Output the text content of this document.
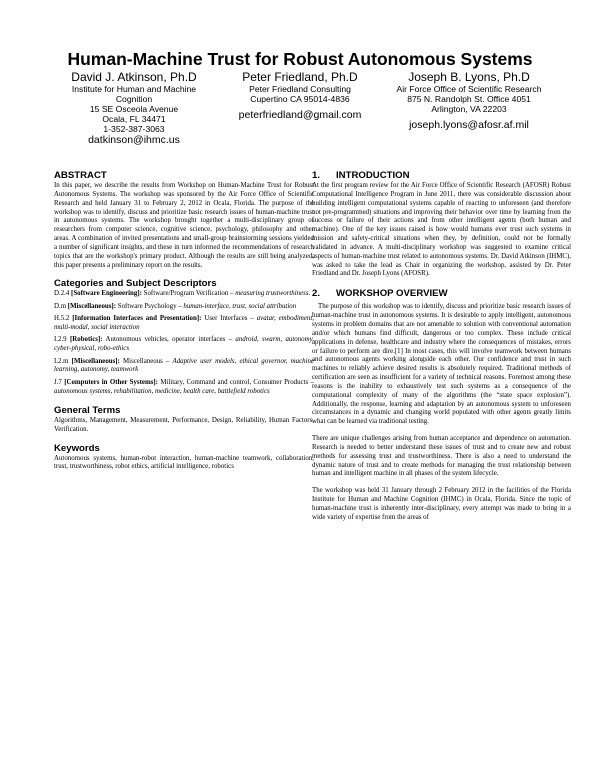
Human-Machine Trust for Robust Autonomous Systems
David J. Atkinson, Ph.D
Institute for Human and Machine
Cognition
15 SE Osceola Avenue
Ocala, FL 34471
1-352-387-3063
datkinson@ihmc.us
Peter Friedland, Ph.D
Peter Friedland Consulting
Cupertino CA 95014-4836
peterfriedland@gmail.com
Joseph B. Lyons, Ph.D
Air Force Office of Scientific Research
875 N. Randolph St. Office 4051
Arlington, VA 22203
joseph.lyons@afosr.af.mil
ABSTRACT

In this paper, we describe the results from Workshop on Human-Machine Trust for Robust Autonomous Systems. The workshop was sponsored by the Air Force Office of Scientific Research and held January 31 to February 2, 2012 in Ocala, Florida. The purpose of the workshop was to identify, discuss and prioritize basic research issues of human-machine trust in autonomous systems. The workshop brought together a multi-disciplinary group of researchers from computer science, cognitive science, psychology, philosophy and other areas. A combination of invited presentations and small-group brainstorming sessions yielded a number of significant insights, and these in turn informed the recommendations of research topics that are the workshop's primary product. Although the results are still being analyzed, this paper presents a preliminary report on the results.

Categories and Subject Descriptors

D.2.4 [Software Engineering]: Software/Program Verification – measuring trustworthiness.

D.m [Miscellaneous]: Software Psychology – human-interface, trust, social attribution

H.5.2 [Information Interfaces and Presentation]: User Interfaces – avatar, embodiment, multi-modal, social interaction

I.2.9 [Robotics]: Autonomous vehicles, operator interfaces – android, swarm, autonomy, cyber-physical, robo-ethics

I.2.m [Miscellaneous]: Miscellaneous – Adaptive user models, ethical governor, machine learning, autonomy, teamwork

J.7 [Computers in Other Systems]: Military, Command and control, Consumer Products – autonomous systems, rehabilitation, medicine, health care, battlefield robotics

General Terms

Algorithms, Management, Measurement, Performance, Design, Reliability, Human Factors, Verification.

Keywords

Autonomous systems, human-robot interaction, human-machine teamwork, collaboration, trust, trustworthiness, robot ethics, artificial intelligence, robotics

1.	INTRODUCTION

At the first program review for the Air Force Office of Scientific Research (AFOSR) Robust Computational Intelligence Program in June 2011, there was considerable discussion about building intelligent computational systems capable of reacting to unforeseen (and therefore not pre-programmed) situations and improving their behavior over time by learning from the success or failure of their actions and from other intelligent agents (both human and machine). One of the key issues raised is how would humans ever trust such systems in mission and safety-critical situations when they, by definition, could not be formally validated in advance. A multi-disciplinary workshop was suggested to examine critical aspects of human-machine trust related to autonomous systems. Dr. David Atkinson (IHMC), was asked to take the lead as Chair in organizing the workshop, assisted by Dr. Peter Friedland and Dr. Joseph Lyons (AFOSR).

2.	WORKSHOP OVERVIEW

The purpose of this workshop was to identify, discuss and prioritize basic research issues of human-machine trust in autonomous systems. It is desirable to apply intelligent, autonomous systems in problem domains that are not amenable to solution with conventional automation and/or which humans find difficult, dangerous or too complex. These include critical applications in defense, healthcare and industry where the consequences of mistakes, errors or failure to perform are dire.[1] In most cases, this will involve teamwork between humans and autonomous agents working alongside each other. Our confidence and trust in such machines to reliably achieve desired results is absolutely required. Traditional methods of certification are seen as insufficient for a variety of technical reasons. Foremost among these reasons is the inability to exhaustively test such systems as a consequence of the computational complexity of many of the algorithms (the “state space explosion”). Additionally, the response, learning and adaptation by an autonomous system to unforeseen circumstances in a dynamic and changing world populated with other agents greatly limits what can be learned via traditional testing.

There are unique challenges arising from human acceptance and dependence on automation. Research is needed to better understand these issues of trust and to create new and robust methods for assessing trust and trustworthiness. There is also a need to understand the dynamic nature of trust and to create methods for managing the trust relationship between human and intelligent machine in all phases of the system lifecycle.

The workshop was held 31 January through 2 February 2012 in the facilities of the Florida Institute for Human and Machine Cognition (IHMC) in Ocala, Florida. Since the topic of human-machine trust is inherently inter-disciplinary, every attempt was made to bring in a wide variety of expertise from the areas of
